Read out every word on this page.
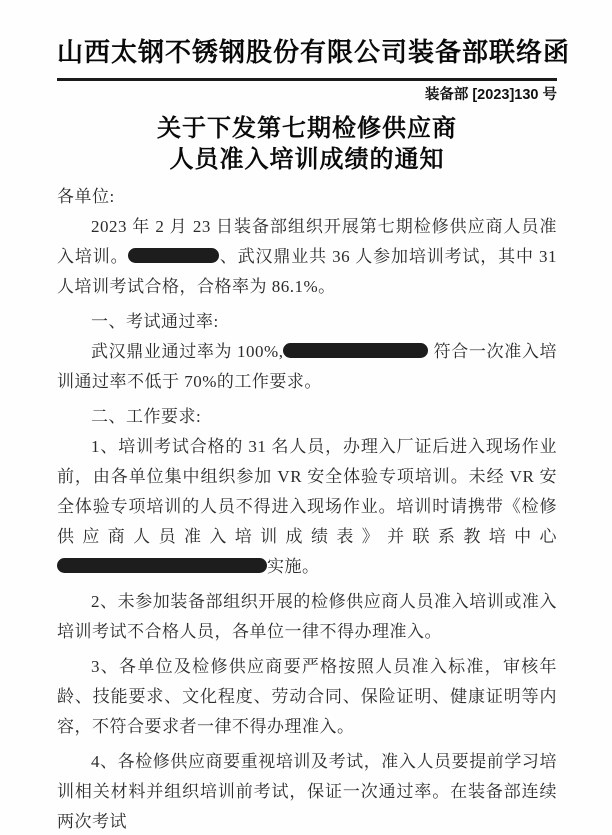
山西太钢不锈钢股份有限公司装备部联络函
装备部 [2023]130 号
关于下发第七期检修供应商
人员准入培训成绩的通知

各单位:

2023 年 2 月 23 日装备部组织开展第七期检修供应商人员准入培训。	、武汉鼎业共 36 人参加培训考试，其中 31 人培训考试合格，合格率为 86.1%。

一、考试通过率:

武汉鼎业通过率为 100%,	符合一次准入培训通过率不低于 70%的工作要求。

二、工作要求:

1、培训考试合格的 31 名人员，办理入厂证后进入现场作业前，由各单位集中组织参加 VR 安全体验专项培训。未经 VR 安全体验专项培训的人员不得进入现场作业。培训时请携带《检修供应商人员准入培训成绩表》并联系教培中心实施。

2、未参加装备部组织开展的检修供应商人员准入培训或准入培训考试不合格人员，各单位一律不得办理准入。

3、各单位及检修供应商要严格按照人员准入标准，审核年龄、技能要求、文化程度、劳动合同、保险证明、健康证明等内容，不符合要求者一律不得办理准入。

4、各检修供应商要重视培训及考试，准入人员要提前学习培训相关材料并组织培训前考试，保证一次通过率。在装备部连续两次考试
